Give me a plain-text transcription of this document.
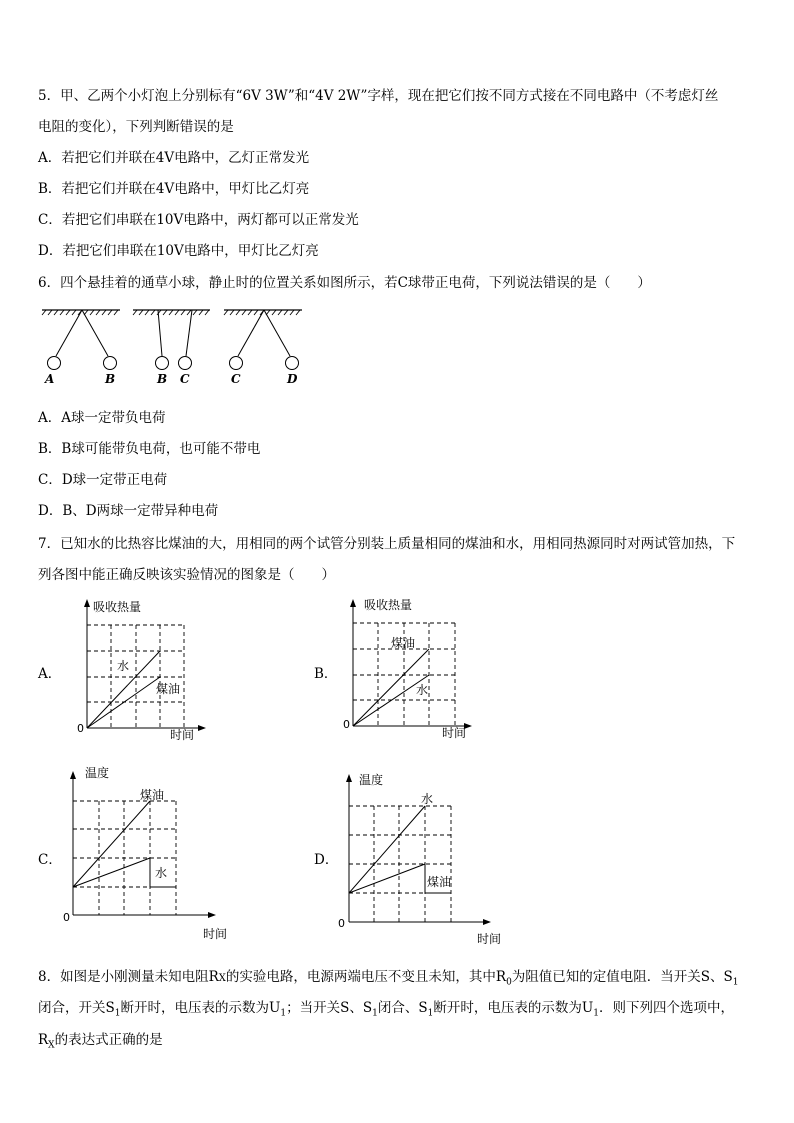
5．甲、乙两个小灯泡上分别标有“6V 3W”和“4V 2W”字样，现在把它们按不同方式接在不同电路中（不考虑灯丝
电阻的变化），下列判断错误的是
A．若把它们并联在4V电路中，乙灯正常发光
B．若把它们并联在4V电路中，甲灯比乙灯亮
C．若把它们串联在10V电路中，两灯都可以正常发光
D．若把它们串联在10V电路中，甲灯比乙灯亮
6．四个悬挂着的通草小球，静止时的位置关系如图所示，若C球带正电荷，下列说法错误的是（　　）
A	B	B C	C	D
A．A球一定带负电荷
B．B球可能带负电荷，也可能不带电
C．D球一定带正电荷
D．B、D两球一定带异种电荷
7．已知水的比热容比煤油的大，用相同的两个试管分别装上质量相同的煤油和水，用相同热源同时对两试管加热，下
列各图中能正确反映该实验情况的图象是（　　）
A．
吸收热量
时间
0
水
煤油
B．
吸收热量
时间
0
煤油
水
C．
温度
时间
0
煤油
水
D．
温度
时间
0
水
煤油
8．如图是小刚测量未知电阻RX的实验电路，电源两端电压不变且未知，其中$R_0$为阻值已知的定值电阻．当开关S、$S_1$
闭合，开关$S_1$断开时，电压表的示数为$U_1$；当开关S、$S_1$闭合、$S_1$断开时，电压表的示数为$U_1$．则下列四个选项中，
$R_X$的表达式正确的是
